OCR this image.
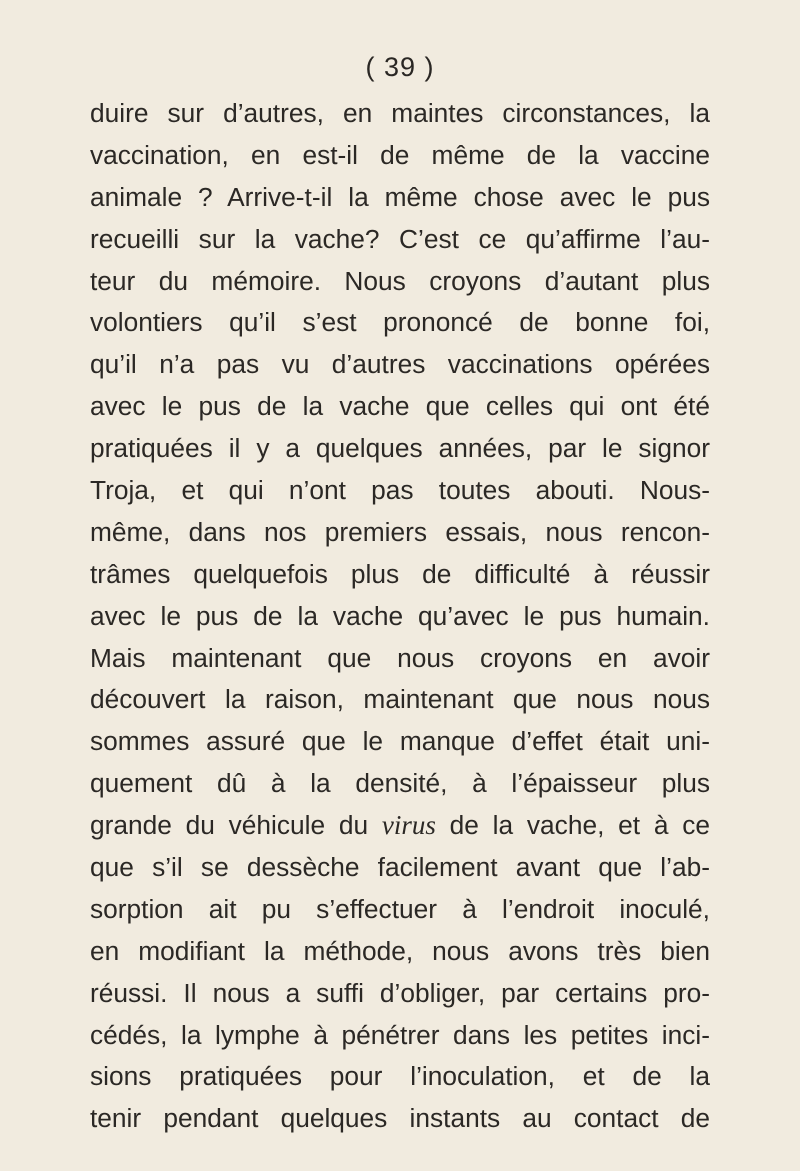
( 39 )
duire sur d’autres, en maintes circonstances, la
vaccination, en est-il de même de la vaccine
animale ? Arrive-t-il la même chose avec le pus
recueilli sur la vache? C’est ce qu’affirme l’au-
teur du mémoire. Nous croyons d’autant plus
volontiers qu’il s’est prononcé de bonne foi,
qu’il n’a pas vu d’autres vaccinations opérées
avec le pus de la vache que celles qui ont été
pratiquées il y a quelques années, par le signor
Troja, et qui n’ont pas toutes abouti. Nous-
même, dans nos premiers essais, nous rencon-
trâmes quelquefois plus de difficulté à réussir
avec le pus de la vache qu’avec le pus humain.
Mais maintenant que nous croyons en avoir
découvert la raison, maintenant que nous nous
sommes assuré que le manque d’effet était uni-
quement dû à la densité, à l’épaisseur plus
grande du véhicule du virus de la vache, et à ce
que s’il se dessèche facilement avant que l’ab-
sorption ait pu s’effectuer à l’endroit inoculé,
en modifiant la méthode, nous avons très bien
réussi. Il nous a suffi d’obliger, par certains pro-
cédés, la lymphe à pénétrer dans les petites inci-
sions pratiquées pour l’inoculation, et de la
tenir pendant quelques instants au contact de
